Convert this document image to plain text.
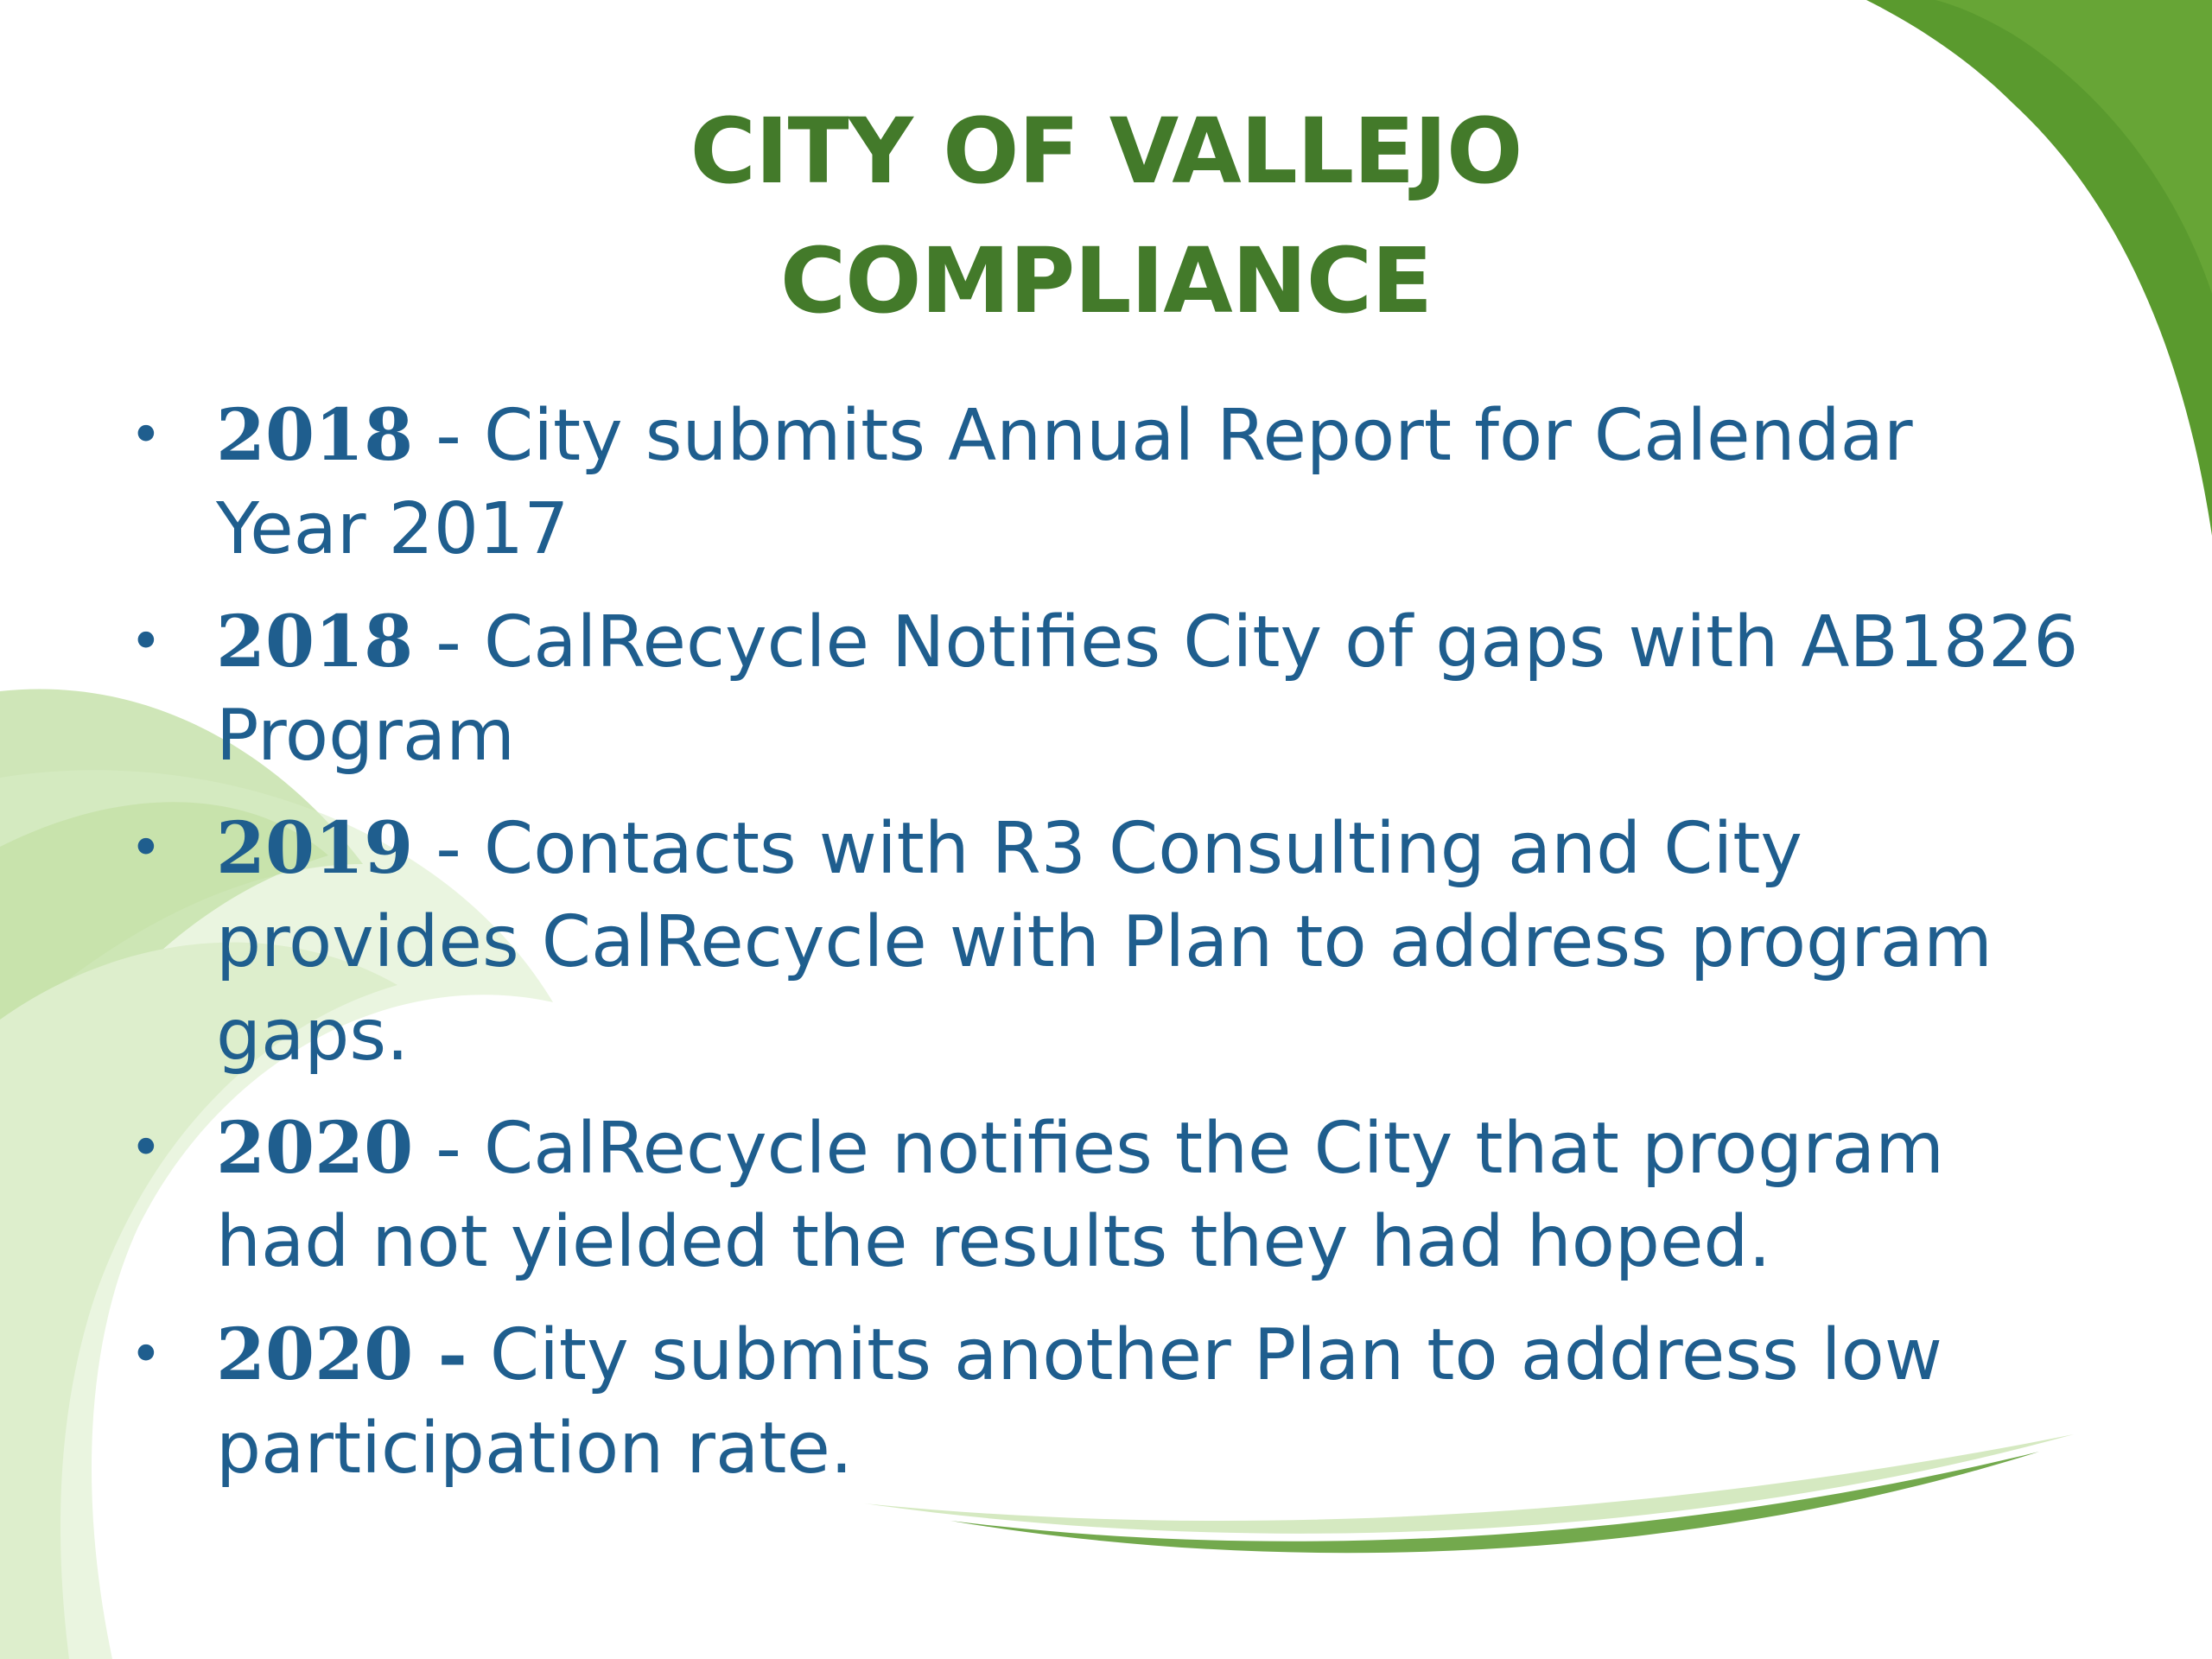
CITY OF VALLEJO
COMPLIANCE
• 2018 - City submits Annual Report for Calendar Year 2017
• 2018 - CalRecycle Notifies City of gaps with AB1826 Program
• 2019 - Contacts with R3 Consulting and City provides CalRecycle with Plan to address program gaps.
• 2020 - CalRecycle notifies the City that program had not yielded the results they had hoped.
• 2020 - City submits another Plan to address low participation rate.
